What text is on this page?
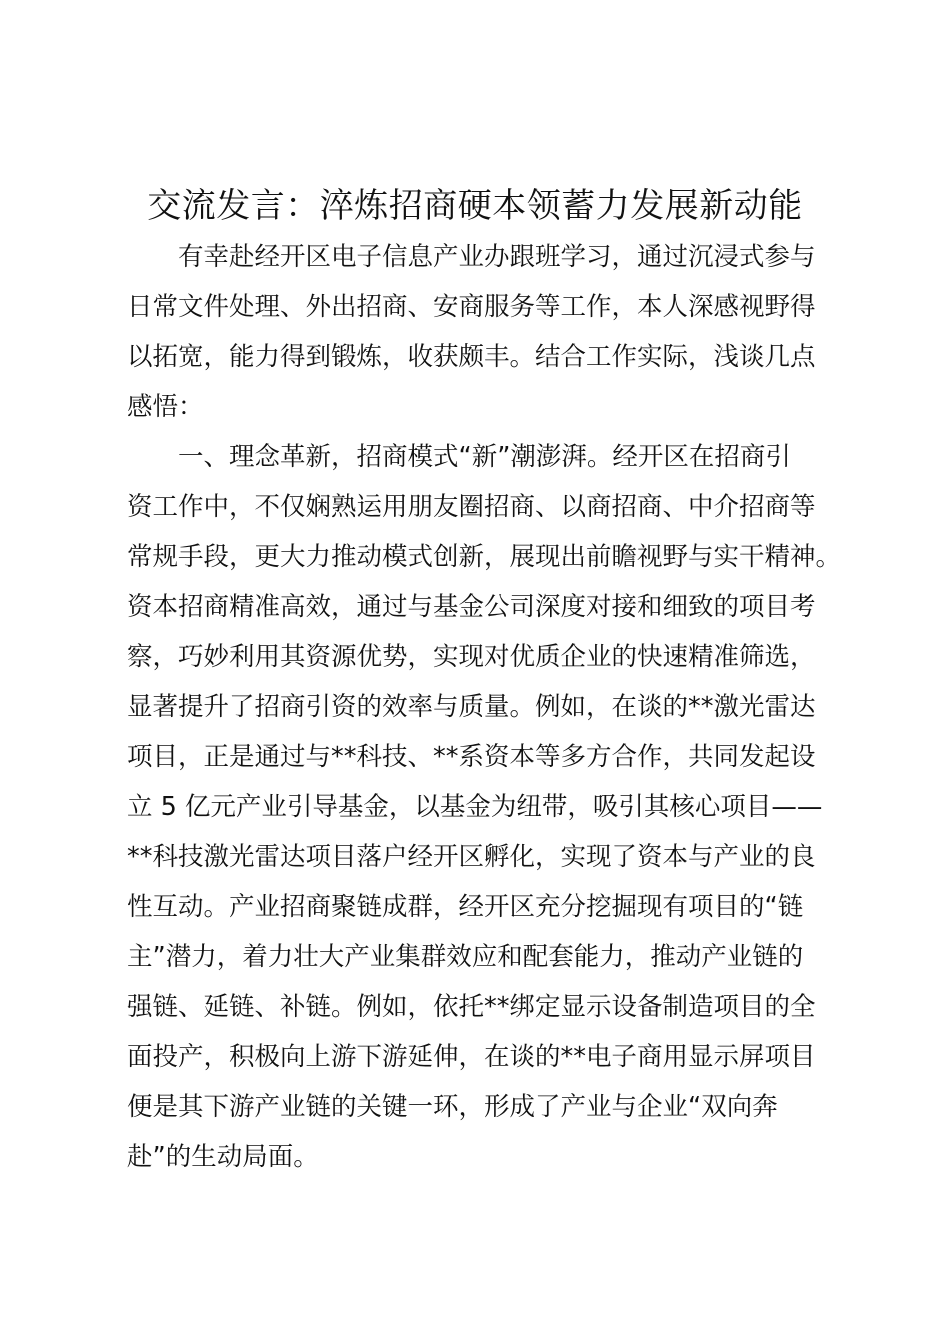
交流发言：淬炼招商硬本领蓄力发展新动能

有幸赴经开区电子信息产业办跟班学习，通过沉浸式参与
日常文件处理、外出招商、安商服务等工作，本人深感视野得
以拓宽，能力得到锻炼，收获颇丰。结合工作实际，浅谈几点
感悟：

一、理念革新，招商模式“新”潮澎湃。经开区在招商引
资工作中，不仅娴熟运用朋友圈招商、以商招商、中介招商等
常规手段，更大力推动模式创新，展现出前瞻视野与实干精神。
资本招商精准高效，通过与基金公司深度对接和细致的项目考
察，巧妙利用其资源优势，实现对优质企业的快速精准筛选，
显著提升了招商引资的效率与质量。例如，在谈的**激光雷达
项目，正是通过与**科技、**系资本等多方合作，共同发起设
立 5 亿元产业引导基金，以基金为纽带，吸引其核心项目——
**科技激光雷达项目落户经开区孵化，实现了资本与产业的良
性互动。产业招商聚链成群，经开区充分挖掘现有项目的“链
主”潜力，着力壮大产业集群效应和配套能力，推动产业链的
强链、延链、补链。例如，依托**绑定显示设备制造项目的全
面投产，积极向上游下游延伸，在谈的**电子商用显示屏项目
便是其下游产业链的关键一环，形成了产业与企业“双向奔
赴”的生动局面。
